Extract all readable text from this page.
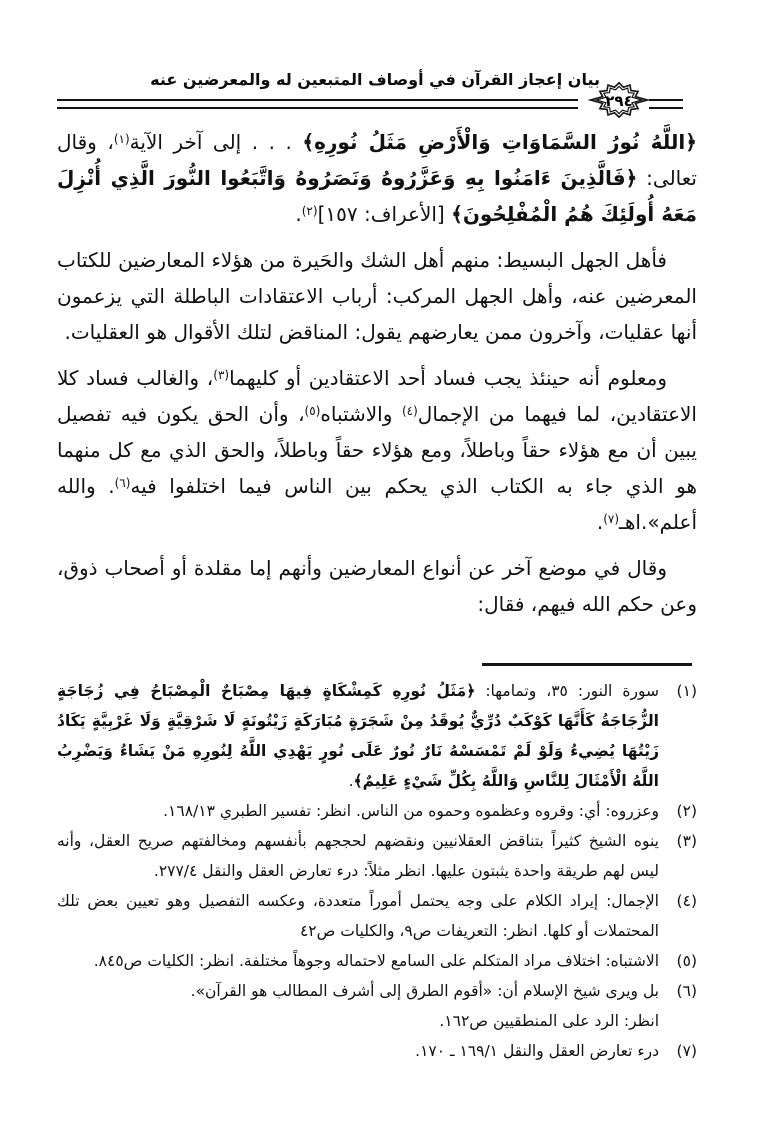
بيان إعجاز القرآن في أوصاف المتبعين له والمعرضين عنه
٢٩٤

﴿اللَّهُ نُورُ السَّمَاوَاتِ وَالْأَرْضِ مَثَلُ نُورِهِ﴾ . . . إلى آخر الآية$^{(١)}$، وقال تعالى: ﴿فَالَّذِينَ ءَامَنُوا بِهِ وَعَزَّرُوهُ وَنَصَرُوهُ وَاتَّبَعُوا النُّورَ الَّذِي أُنْزِلَ مَعَهُ أُولَئِكَ هُمُ الْمُفْلِحُونَ﴾ [الأعراف: ١٥٧]$^{(٢)}$.

فأهل الجهل البسيط: منهم أهل الشك والحَيرة من هؤلاء المعارضين للكتاب المعرضين عنه، وأهل الجهل المركب: أرباب الاعتقادات الباطلة التي يزعمون أنها عقليات، وآخرون ممن يعارضهم يقول: المناقض لتلك الأقوال هو العقليات.

ومعلوم أنه حينئذ يجب فساد أحد الاعتقادين أو كليهما$^{(٣)}$، والغالب فساد كلا الاعتقادين، لما فيهما من الإجمال$^{(٤)}$ والاشتباه$^{(٥)}$، وأن الحق يكون فيه تفصيل يبين أن مع هؤلاء حقاً وباطلاً، ومع هؤلاء حقاً وباطلاً، والحق الذي مع كل منهما هو الذي جاء به الكتاب الذي يحكم بين الناس فيما اختلفوا فيه$^{(٦)}$. والله أعلم».اهـ$^{(٧)}$.

وقال في موضع آخر عن أنواع المعارضين وأنهم إما مقلدة أو أصحاب ذوق، وعن حكم الله فيهم، فقال:

(١)
سورة النور: ٣٥، وتمامها: ﴿مَثَلُ نُورِهِ كَمِشْكَاةٍ فِيهَا مِصْبَاحٌ الْمِصْبَاحُ فِي زُجَاجَةٍ الزُّجَاجَةُ كَأَنَّهَا كَوْكَبٌ دُرِّيٌّ يُوقَدُ مِنْ شَجَرَةٍ مُبَارَكَةٍ زَيْتُونَةٍ لَا شَرْقِيَّةٍ وَلَا غَرْبِيَّةٍ يَكَادُ زَيْتُهَا يُضِيءُ وَلَوْ لَمْ تَمْسَسْهُ نَارٌ نُورٌ عَلَى نُورٍ يَهْدِي اللَّهُ لِنُورِهِ مَنْ يَشَاءُ وَيَضْرِبُ اللَّهُ الْأَمْثَالَ لِلنَّاسِ وَاللَّهُ بِكُلِّ شَيْءٍ عَلِيمٌ﴾.
(٢)
وعزروه: أي: وقروه وعظموه وحموه من الناس. انظر: تفسير الطبري ١٦٨/١٣.
(٣)
ينوه الشيخ كثيراً بتناقض العقلانيين ونقضهم لحججهم بأنفسهم ومخالفتهم صريح العقل، وأنه ليس لهم طريقة واحدة يثبتون عليها. انظر مثلاً: درء تعارض العقل والنقل ٢٧٧/٤.
(٤)
الإجمال: إيراد الكلام على وجه يحتمل أموراً متعددة، وعكسه التفصيل وهو تعيين بعض تلك المحتملات أو كلها. انظر: التعريفات ص٩، والكليات ص٤٢
(٥)
الاشتباه: اختلاف مراد المتكلم على السامع لاحتماله وجوهاً مختلفة. انظر: الكليات ص٨٤٥.
(٦)
بل ويرى شيخ الإسلام أن: «أقوم الطرق إلى أشرف المطالب هو القرآن».
انظر: الرد على المنطقيين ص١٦٢.
(٧)
درء تعارض العقل والنقل ١٦٩/١ ـ ١٧٠.
